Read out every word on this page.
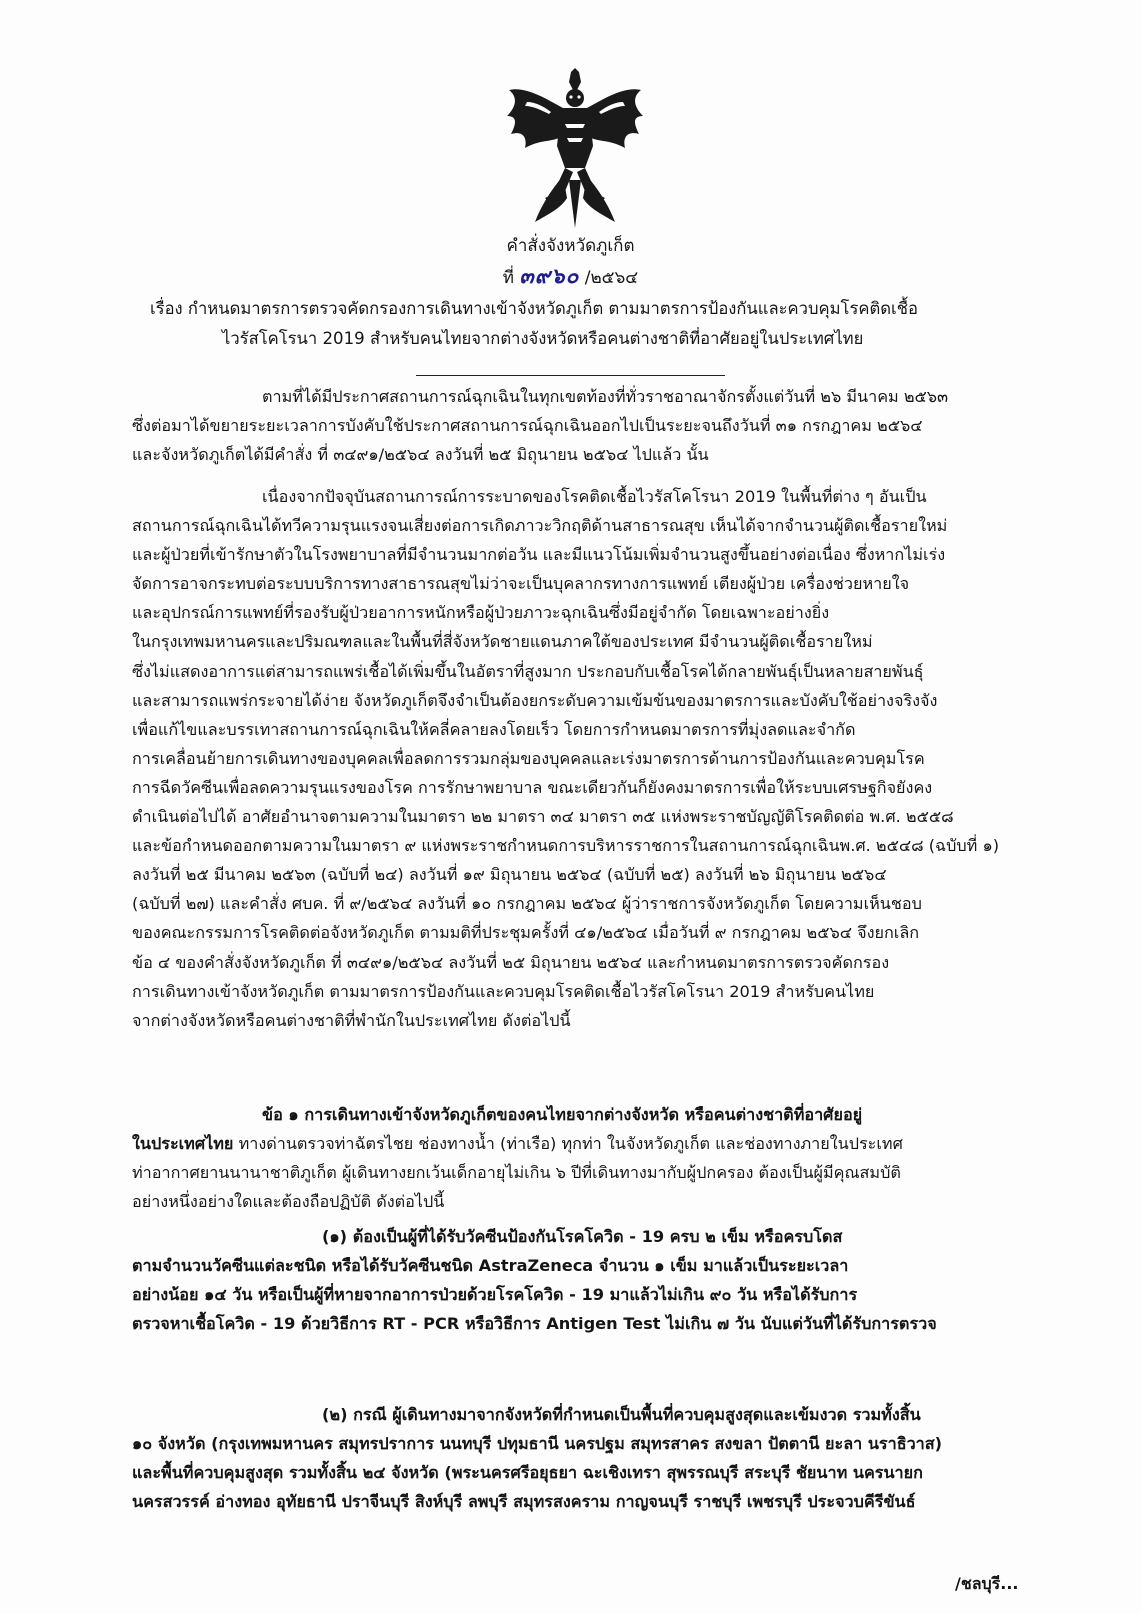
คำสั่งจังหวัดภูเก็ต
ที่ ๓๙๖๐ /๒๕๖๔
เรื่อง กำหนดมาตรการตรวจคัดกรองการเดินทางเข้าจังหวัดภูเก็ต ตามมาตรการป้องกันและควบคุมโรคติดเชื้อ
ไวรัสโคโรนา 2019 สำหรับคนไทยจากต่างจังหวัดหรือคนต่างชาติที่อาศัยอยู่ในประเทศไทย
ตามที่ได้มีประกาศสถานการณ์ฉุกเฉินในทุกเขตท้องที่ทั่วราชอาณาจักรตั้งแต่วันที่ ๒๖ มีนาคม ๒๕๖๓
ซึ่งต่อมาได้ขยายระยะเวลาการบังคับใช้ประกาศสถานการณ์ฉุกเฉินออกไปเป็นระยะจนถึงวันที่ ๓๑ กรกฎาคม ๒๕๖๔
และจังหวัดภูเก็ตได้มีคำสั่ง ที่ ๓๔๙๑/๒๕๖๔ ลงวันที่ ๒๕ มิถุนายน ๒๕๖๔ ไปแล้ว นั้น
เนื่องจากปัจจุบันสถานการณ์การระบาดของโรคติดเชื้อไวรัสโคโรนา 2019 ในพื้นที่ต่าง ๆ อันเป็น
สถานการณ์ฉุกเฉินได้ทวีความรุนแรงจนเสี่ยงต่อการเกิดภาวะวิกฤติด้านสาธารณสุข เห็นได้จากจำนวนผู้ติดเชื้อรายใหม่
และผู้ป่วยที่เข้ารักษาตัวในโรงพยาบาลที่มีจำนวนมากต่อวัน และมีแนวโน้มเพิ่มจำนวนสูงขึ้นอย่างต่อเนื่อง ซึ่งหากไม่เร่ง
จัดการอาจกระทบต่อระบบบริการทางสาธารณสุขไม่ว่าจะเป็นบุคลากรทางการแพทย์ เตียงผู้ป่วย เครื่องช่วยหายใจ
และอุปกรณ์การแพทย์ที่รองรับผู้ป่วยอาการหนักหรือผู้ป่วยภาวะฉุกเฉินซึ่งมีอยู่จำกัด โดยเฉพาะอย่างยิ่ง
ในกรุงเทพมหานครและปริมณฑลและในพื้นที่สี่จังหวัดชายแดนภาคใต้ของประเทศ มีจำนวนผู้ติดเชื้อรายใหม่
ซึ่งไม่แสดงอาการแต่สามารถแพร่เชื้อได้เพิ่มขึ้นในอัตราที่สูงมาก ประกอบกับเชื้อโรคได้กลายพันธุ์เป็นหลายสายพันธุ์
และสามารถแพร่กระจายได้ง่าย จังหวัดภูเก็ตจึงจำเป็นต้องยกระดับความเข้มข้นของมาตรการและบังคับใช้อย่างจริงจัง
เพื่อแก้ไขและบรรเทาสถานการณ์ฉุกเฉินให้คลี่คลายลงโดยเร็ว โดยการกำหนดมาตรการที่มุ่งลดและจำกัด
การเคลื่อนย้ายการเดินทางของบุคคลเพื่อลดการรวมกลุ่มของบุคคลและเร่งมาตรการด้านการป้องกันและควบคุมโรค
การฉีดวัคซีนเพื่อลดความรุนแรงของโรค การรักษาพยาบาล ขณะเดียวกันก็ยังคงมาตรการเพื่อให้ระบบเศรษฐกิจยังคง
ดำเนินต่อไปได้ อาศัยอำนาจตามความในมาตรา ๒๒ มาตรา ๓๔ มาตรา ๓๕ แห่งพระราชบัญญัติโรคติดต่อ พ.ศ. ๒๕๕๘
และข้อกำหนดออกตามความในมาตรา ๙ แห่งพระราชกำหนดการบริหารราชการในสถานการณ์ฉุกเฉินพ.ศ. ๒๕๔๘ (ฉบับที่ ๑)
ลงวันที่ ๒๕ มีนาคม ๒๕๖๓ (ฉบับที่ ๒๔) ลงวันที่ ๑๙ มิถุนายน ๒๕๖๔ (ฉบับที่ ๒๕) ลงวันที่ ๒๖ มิถุนายน ๒๕๖๔
(ฉบับที่ ๒๗) และคำสั่ง ศบค. ที่ ๙/๒๕๖๔ ลงวันที่ ๑๐ กรกฎาคม ๒๕๖๔ ผู้ว่าราชการจังหวัดภูเก็ต โดยความเห็นชอบ
ของคณะกรรมการโรคติดต่อจังหวัดภูเก็ต ตามมติที่ประชุมครั้งที่ ๔๑/๒๕๖๔ เมื่อวันที่ ๙ กรกฎาคม ๒๕๖๔ จึงยกเลิก
ข้อ ๔ ของคำสั่งจังหวัดภูเก็ต ที่ ๓๔๙๑/๒๕๖๔ ลงวันที่ ๒๕ มิถุนายน ๒๕๖๔ และกำหนดมาตรการตรวจคัดกรอง
การเดินทางเข้าจังหวัดภูเก็ต ตามมาตรการป้องกันและควบคุมโรคติดเชื้อไวรัสโคโรนา 2019 สำหรับคนไทย
จากต่างจังหวัดหรือคนต่างชาติที่พำนักในประเทศไทย ดังต่อไปนี้
ข้อ ๑ การเดินทางเข้าจังหวัดภูเก็ตของคนไทยจากต่างจังหวัด หรือคนต่างชาติที่อาศัยอยู่
ในประเทศไทย ทางด่านตรวจท่าฉัตรไชย ช่องทางน้ำ (ท่าเรือ) ทุกท่า ในจังหวัดภูเก็ต และช่องทางภายในประเทศ
ท่าอากาศยานนานาชาติภูเก็ต ผู้เดินทางยกเว้นเด็กอายุไม่เกิน ๖ ปีที่เดินทางมากับผู้ปกครอง ต้องเป็นผู้มีคุณสมบัติ
อย่างหนึ่งอย่างใดและต้องถือปฏิบัติ ดังต่อไปนี้
(๑) ต้องเป็นผู้ที่ได้รับวัคซีนป้องกันโรคโควิด - 19 ครบ ๒ เข็ม หรือครบโดส
ตามจำนวนวัคซีนแต่ละชนิด หรือได้รับวัคซีนชนิด AstraZeneca จำนวน ๑ เข็ม มาแล้วเป็นระยะเวลา
อย่างน้อย ๑๔ วัน หรือเป็นผู้ที่หายจากอาการป่วยด้วยโรคโควิด - 19 มาแล้วไม่เกิน ๙๐ วัน หรือได้รับการ
ตรวจหาเชื้อโควิด - 19 ด้วยวิธีการ RT - PCR หรือวิธีการ Antigen Test ไม่เกิน ๗ วัน นับแต่วันที่ได้รับการตรวจ
(๒) กรณี ผู้เดินทางมาจากจังหวัดที่กำหนดเป็นพื้นที่ควบคุมสูงสุดและเข้มงวด รวมทั้งสิ้น
๑๐ จังหวัด (กรุงเทพมหานคร สมุทรปราการ นนทบุรี ปทุมธานี นครปฐม สมุทรสาคร สงขลา ปัตตานี ยะลา นราธิวาส)
และพื้นที่ควบคุมสูงสุด รวมทั้งสิ้น ๒๔ จังหวัด (พระนครศรีอยุธยา ฉะเชิงเทรา สุพรรณบุรี สระบุรี ชัยนาท นครนายก
นครสวรรค์ อ่างทอง อุทัยธานี ปราจีนบุรี สิงห์บุรี ลพบุรี สมุทรสงคราม กาญจนบุรี ราชบุรี เพชรบุรี ประจวบคีรีขันธ์
/ชลบุรี...
